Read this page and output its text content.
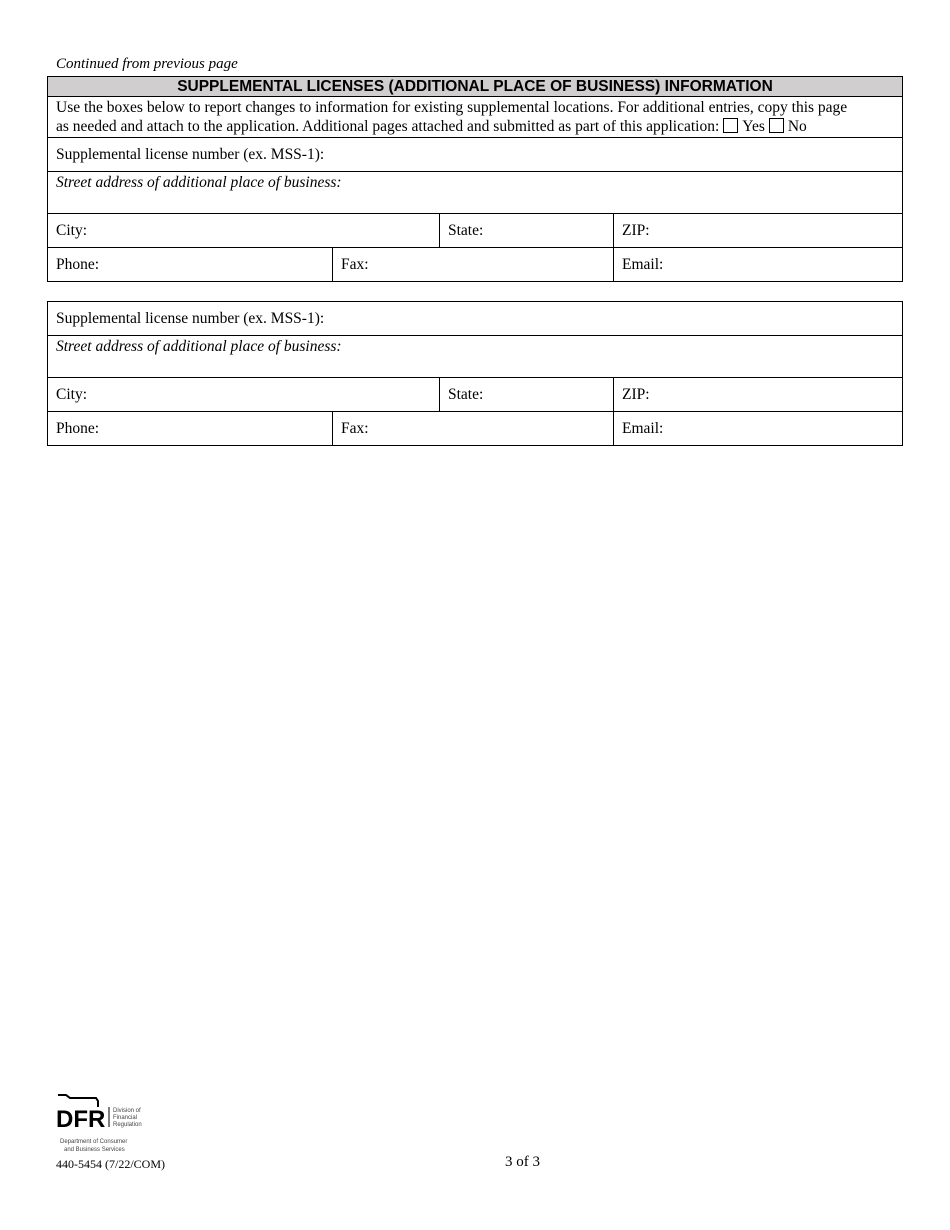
Continued from previous page
SUPPLEMENTAL LICENSES (ADDITIONAL PLACE OF BUSINESS) INFORMATION			

Use the boxes below to report changes to information for existing supplemental locations. For additional entries, copy this page
as needed and attach to the application. Additional pages attached and submitted as part of this application: Yes No			

Supplemental license number (ex. MSS-1):			
Street address of additional place of business:			
City:		State:	ZIP:
Phone:	Fax:		Email:
Supplemental license number (ex. MSS-1):			
Street address of additional place of business:			
City:		State:	ZIP:
Phone:	Fax:		Email:
DFR Division of
Financial
Regulation
Department of Consumer
and Business Services
440-5454 (7/22/COM)	3 of 3
